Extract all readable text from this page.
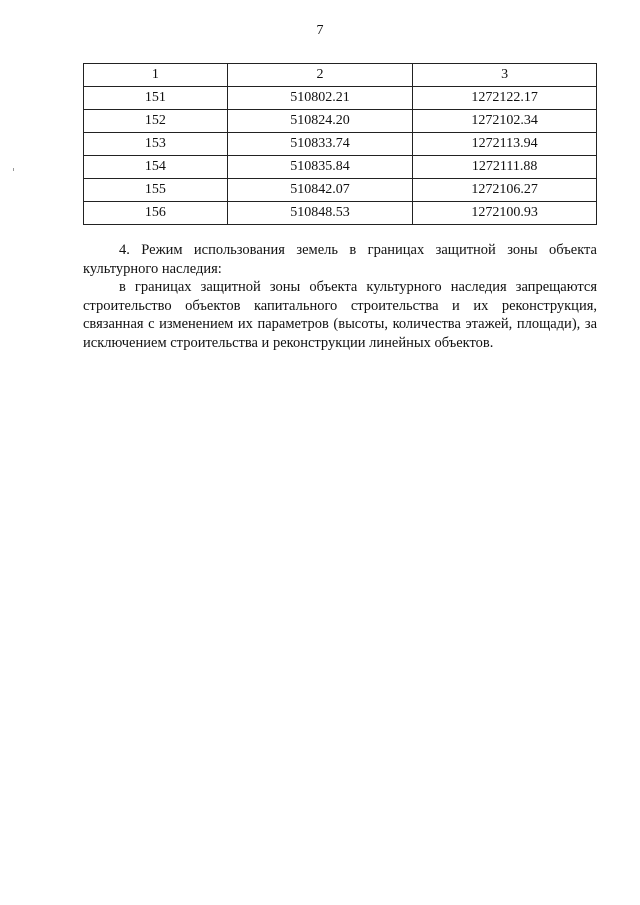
7
1	2	3
151	510802.21	1272122.17
152	510824.20	1272102.34
153	510833.74	1272113.94
154	510835.84	1272111.88
155	510842.07	1272106.27
156	510848.53	1272100.93

4. Режим использования земель в границах защитной зоны объекта культурного наследия:

в границах защитной зоны объекта культурного наследия запрещаются строительство объектов капитального строительства и их реконструкция, связанная с изменением их параметров (высоты, количества этажей, площади), за исключением строительства и реконструкции линейных объектов.
